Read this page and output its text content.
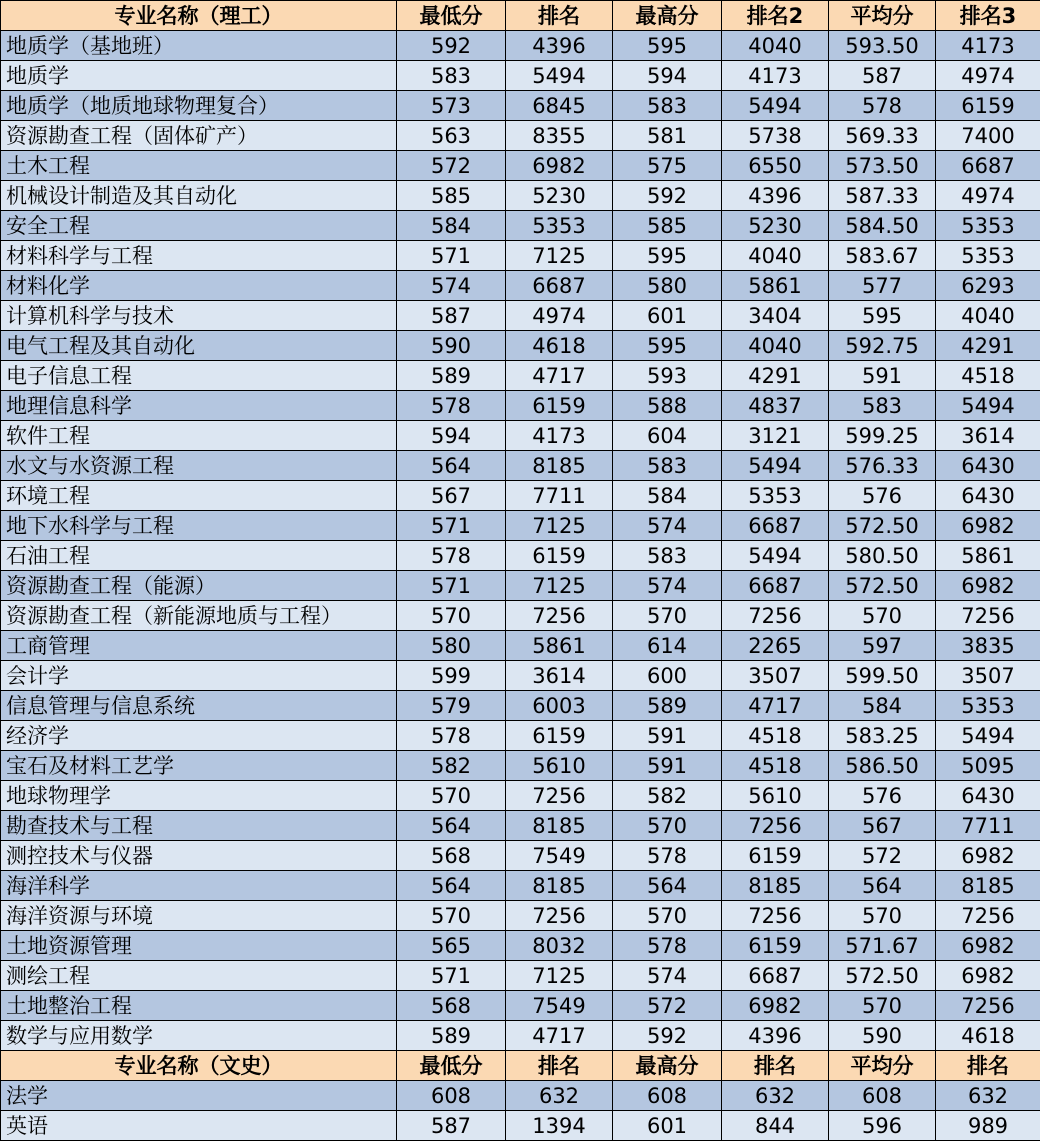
专业名称（理工）	最低分	排名	最高分	排名2	平均分	排名3
地质学（基地班）	592	4396	595	4040	593.50	4173
地质学	583	5494	594	4173	587	4974
地质学（地质地球物理复合）	573	6845	583	5494	578	6159
资源勘查工程（固体矿产）	563	8355	581	5738	569.33	7400
土木工程	572	6982	575	6550	573.50	6687
机械设计制造及其自动化	585	5230	592	4396	587.33	4974
安全工程	584	5353	585	5230	584.50	5353
材料科学与工程	571	7125	595	4040	583.67	5353
材料化学	574	6687	580	5861	577	6293
计算机科学与技术	587	4974	601	3404	595	4040
电气工程及其自动化	590	4618	595	4040	592.75	4291
电子信息工程	589	4717	593	4291	591	4518
地理信息科学	578	6159	588	4837	583	5494
软件工程	594	4173	604	3121	599.25	3614
水文与水资源工程	564	8185	583	5494	576.33	6430
环境工程	567	7711	584	5353	576	6430
地下水科学与工程	571	7125	574	6687	572.50	6982
石油工程	578	6159	583	5494	580.50	5861
资源勘查工程（能源）	571	7125	574	6687	572.50	6982
资源勘查工程（新能源地质与工程）	570	7256	570	7256	570	7256
工商管理	580	5861	614	2265	597	3835
会计学	599	3614	600	3507	599.50	3507
信息管理与信息系统	579	6003	589	4717	584	5353
经济学	578	6159	591	4518	583.25	5494
宝石及材料工艺学	582	5610	591	4518	586.50	5095
地球物理学	570	7256	582	5610	576	6430
勘查技术与工程	564	8185	570	7256	567	7711
测控技术与仪器	568	7549	578	6159	572	6982
海洋科学	564	8185	564	8185	564	8185
海洋资源与环境	570	7256	570	7256	570	7256
土地资源管理	565	8032	578	6159	571.67	6982
测绘工程	571	7125	574	6687	572.50	6982
土地整治工程	568	7549	572	6982	570	7256
数学与应用数学	589	4717	592	4396	590	4618
专业名称（文史）	最低分	排名	最高分	排名	平均分	排名
法学	608	632	608	632	608	632
英语	587	1394	601	844	596	989
